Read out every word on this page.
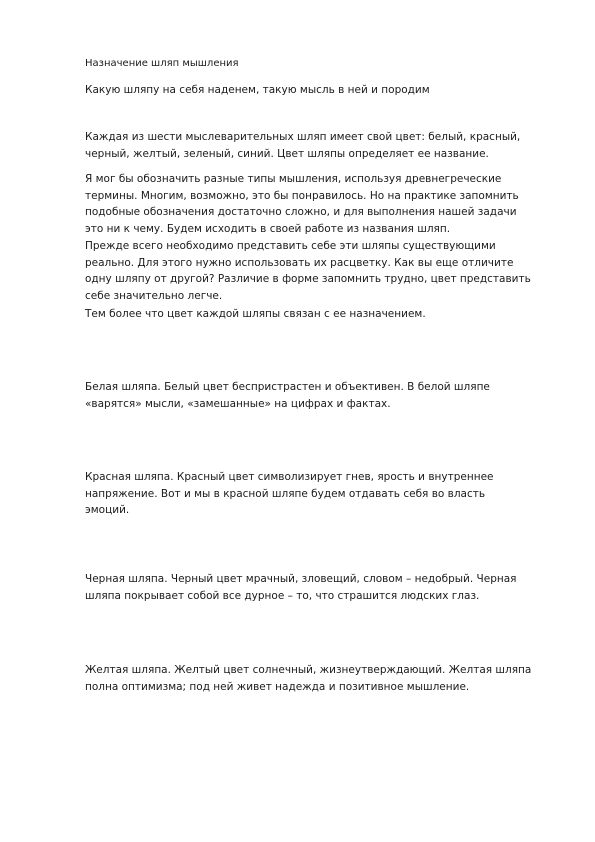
Назначение шляп мышления

Какую шляпу на себя наденем, такую мысль в ней и породим

Каждая из шести мыслеварительных шляп имеет свой цвет: белый, красный,
черный, желтый, зеленый, синий. Цвет шляпы определяет ее название.

Я мог бы обозначить разные типы мышления, используя древнегреческие
термины. Многим, возможно, это бы понравилось. Но на практике запомнить
подобные обозначения достаточно сложно, и для выполнения нашей задачи
это ни к чему. Будем исходить в своей работе из названия шляп.

Прежде всего необходимо представить себе эти шляпы существующими
реально. Для этого нужно использовать их расцветку. Как вы еще отличите
одну шляпу от другой? Различие в форме запомнить трудно, цвет представить
себе значительно легче.

Тем более что цвет каждой шляпы связан с ее назначением.

Белая шляпа. Белый цвет беспристрастен и объективен. В белой шляпе
«варятся» мысли, «замешанные» на цифрах и фактах.

Красная шляпа. Красный цвет символизирует гнев, ярость и внутреннее
напряжение. Вот и мы в красной шляпе будем отдавать себя во власть
эмоций.

Черная шляпа. Черный цвет мрачный, зловещий, словом – недобрый. Черная
шляпа покрывает собой все дурное – то, что страшится людских глаз.

Желтая шляпа. Желтый цвет солнечный, жизнеутверждающий. Желтая шляпа
полна оптимизма; под ней живет надежда и позитивное мышление.
